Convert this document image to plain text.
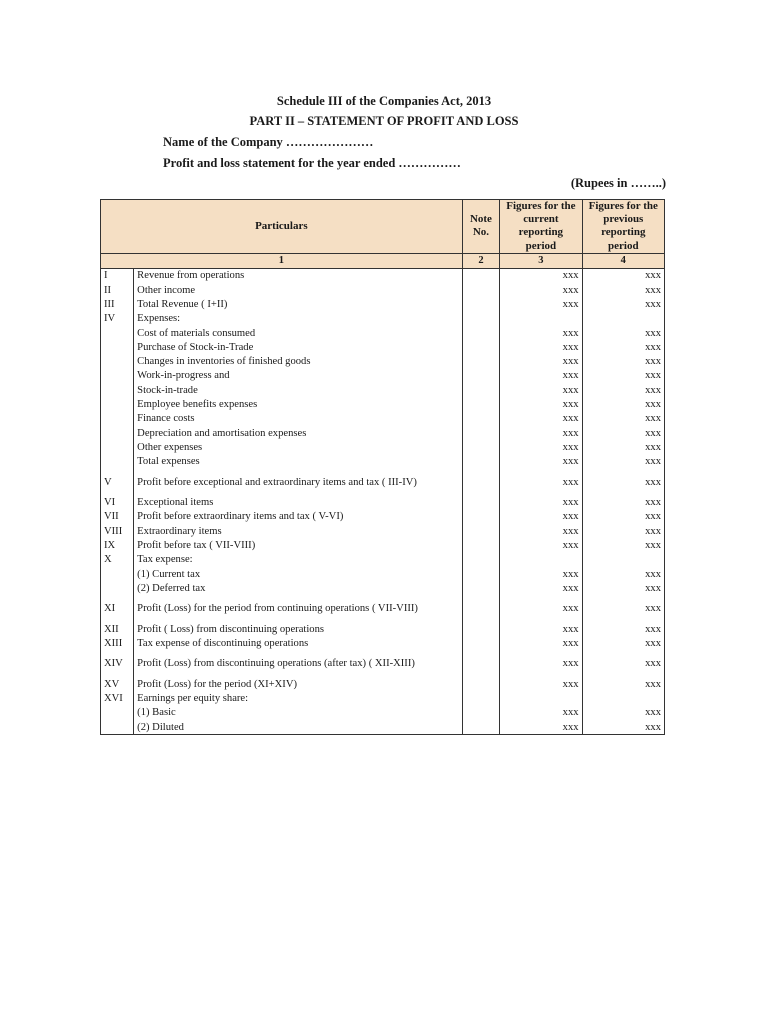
Schedule III of the Companies Act, 2013
PART II – STATEMENT OF PROFIT AND LOSS
Name of the Company …………………
Profit and loss statement for the year ended ……………
(Rupees in ……..)
Particulars		Note No.	Figures for the current reporting period	Figures for the previous reporting period
1		2	3	4
I	Revenue from operations		xxx	xxx
II	Other income		xxx	xxx
III	Total Revenue ( I+II)		xxx	xxx
IV	Expenses:			
	Cost of materials consumed		xxx	xxx
	Purchase of Stock-in-Trade		xxx	xxx
	Changes in inventories of finished goods		xxx	xxx
	Work-in-progress and		xxx	xxx
	Stock-in-trade		xxx	xxx
	Employee benefits expenses		xxx	xxx
	Finance costs		xxx	xxx
	Depreciation and amortisation expenses		xxx	xxx
	Other expenses		xxx	xxx
	Total expenses		xxx	xxx
V	Profit before exceptional and extraordinary items and tax ( III-IV)		xxx	xxx
VI	Exceptional items		xxx	xxx
VII	Profit before extraordinary items and tax ( V-VI)		xxx	xxx
VIII	Extraordinary items		xxx	xxx
IX	Profit before tax ( VII-VIII)		xxx	xxx
X	Tax expense:			
	(1) Current tax		xxx	xxx
	(2) Deferred tax		xxx	xxx
XI	Profit (Loss) for the period from continuing operations ( VII-VIII)		xxx	xxx
XII	Profit ( Loss) from discontinuing operations		xxx	xxx
XIII	Tax expense of discontinuing operations		xxx	xxx
XIV	Profit (Loss) from discontinuing operations (after tax) ( XII-XIII)		xxx	xxx
XV	Profit (Loss) for the period (XI+XIV)		xxx	xxx
XVI	Earnings per equity share:			
	(1) Basic		xxx	xxx
	(2) Diluted		xxx	xxx
